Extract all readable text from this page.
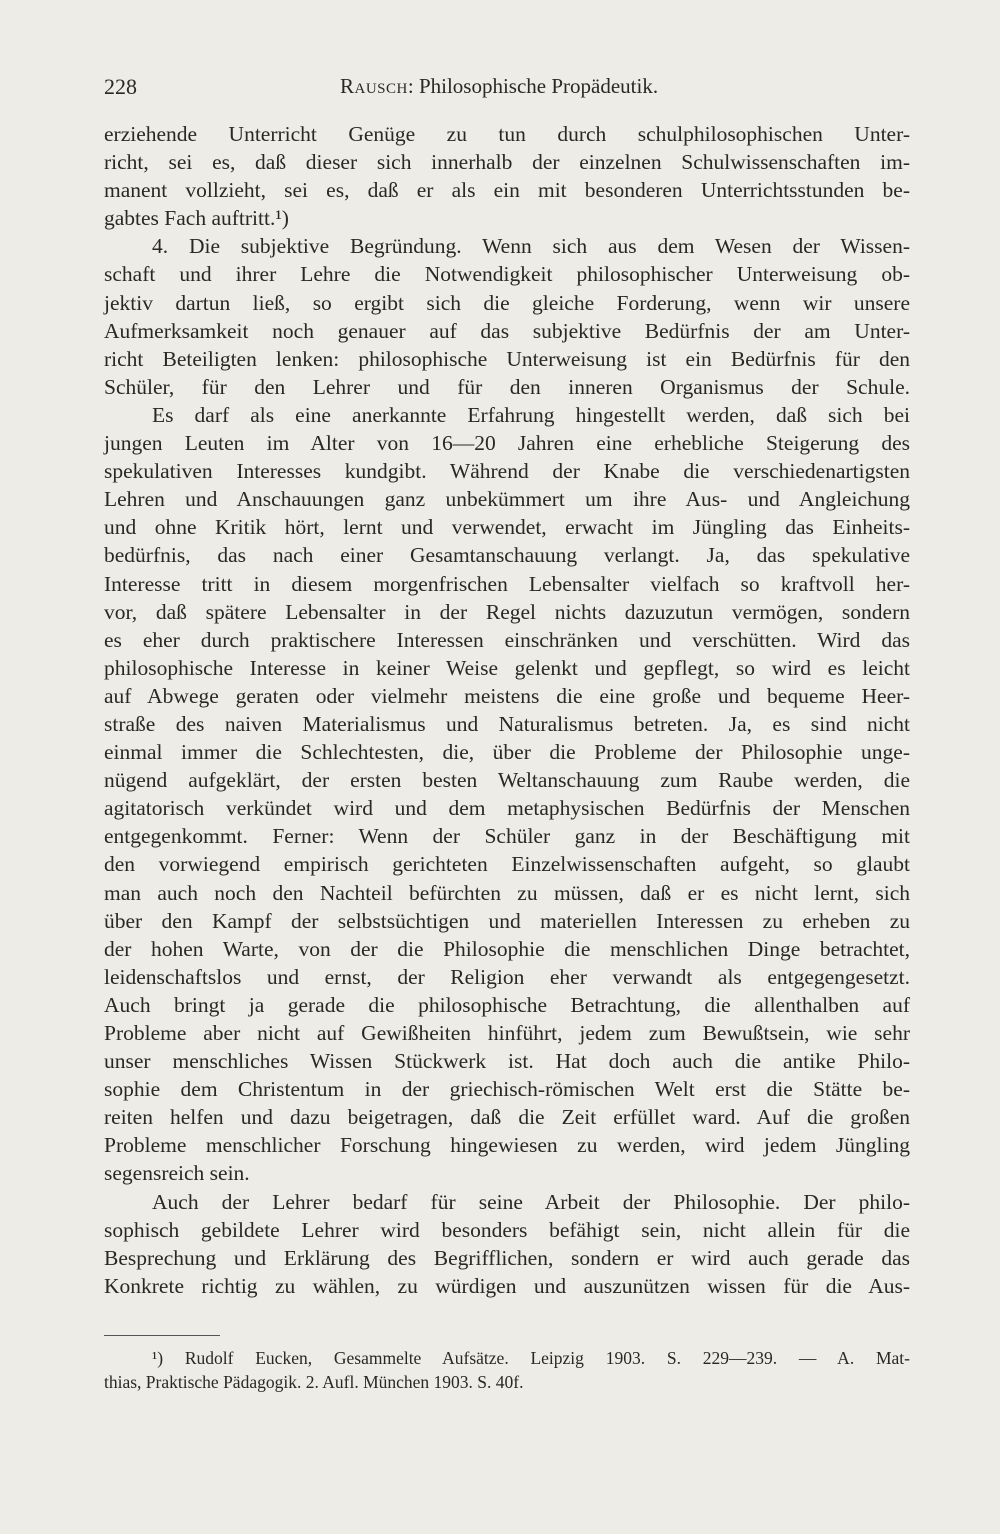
228	Rausch: Philosophische Propädeutik.
erziehende Unterricht Genüge zu tun durch schulphilosophischen Unter-
richt, sei es, daß dieser sich innerhalb der einzelnen Schulwissenschaften im-
manent vollzieht, sei es, daß er als ein mit besonderen Unterrichtsstunden be-
gabtes Fach auftritt.¹)
4. Die subjektive Begründung. Wenn sich aus dem Wesen der Wissen-
schaft und ihrer Lehre die Notwendigkeit philosophischer Unterweisung ob-
jektiv dartun ließ, so ergibt sich die gleiche Forderung, wenn wir unsere
Aufmerksamkeit noch genauer auf das subjektive Bedürfnis der am Unter-
richt Beteiligten lenken: philosophische Unterweisung ist ein Bedürfnis für den
Schüler, für den Lehrer und für den inneren Organismus der Schule.
Es darf als eine anerkannte Erfahrung hingestellt werden, daß sich bei
jungen Leuten im Alter von 16—20 Jahren eine erhebliche Steigerung des
spekulativen Interesses kundgibt. Während der Knabe die verschiedenartigsten
Lehren und Anschauungen ganz unbekümmert um ihre Aus- und Angleichung
und ohne Kritik hört, lernt und verwendet, erwacht im Jüngling das Einheits-
bedürfnis, das nach einer Gesamtanschauung verlangt. Ja, das spekulative
Interesse tritt in diesem morgenfrischen Lebensalter vielfach so kraftvoll her-
vor, daß spätere Lebensalter in der Regel nichts dazuzutun vermögen, sondern
es eher durch praktischere Interessen einschränken und verschütten. Wird das
philosophische Interesse in keiner Weise gelenkt und gepflegt, so wird es leicht
auf Abwege geraten oder vielmehr meistens die eine große und bequeme Heer-
straße des naiven Materialismus und Naturalismus betreten. Ja, es sind nicht
einmal immer die Schlechtesten, die, über die Probleme der Philosophie unge-
nügend aufgeklärt, der ersten besten Weltanschauung zum Raube werden, die
agitatorisch verkündet wird und dem metaphysischen Bedürfnis der Menschen
entgegenkommt. Ferner: Wenn der Schüler ganz in der Beschäftigung mit
den vorwiegend empirisch gerichteten Einzelwissenschaften aufgeht, so glaubt
man auch noch den Nachteil befürchten zu müssen, daß er es nicht lernt, sich
über den Kampf der selbstsüchtigen und materiellen Interessen zu erheben zu
der hohen Warte, von der die Philosophie die menschlichen Dinge betrachtet,
leidenschaftslos und ernst, der Religion eher verwandt als entgegengesetzt.
Auch bringt ja gerade die philosophische Betrachtung, die allenthalben auf
Probleme aber nicht auf Gewißheiten hinführt, jedem zum Bewußtsein, wie sehr
unser menschliches Wissen Stückwerk ist. Hat doch auch die antike Philo-
sophie dem Christentum in der griechisch-römischen Welt erst die Stätte be-
reiten helfen und dazu beigetragen, daß die Zeit erfüllet ward. Auf die großen
Probleme menschlicher Forschung hingewiesen zu werden, wird jedem Jüngling
segensreich sein.
Auch der Lehrer bedarf für seine Arbeit der Philosophie. Der philo-
sophisch gebildete Lehrer wird besonders befähigt sein, nicht allein für die
Besprechung und Erklärung des Begrifflichen, sondern er wird auch gerade das
Konkrete richtig zu wählen, zu würdigen und auszunützen wissen für die Aus-
¹) Rudolf Eucken, Gesammelte Aufsätze. Leipzig 1903. S. 229—239. — A. Mat-
thias, Praktische Pädagogik. 2. Aufl. München 1903. S. 40f.
